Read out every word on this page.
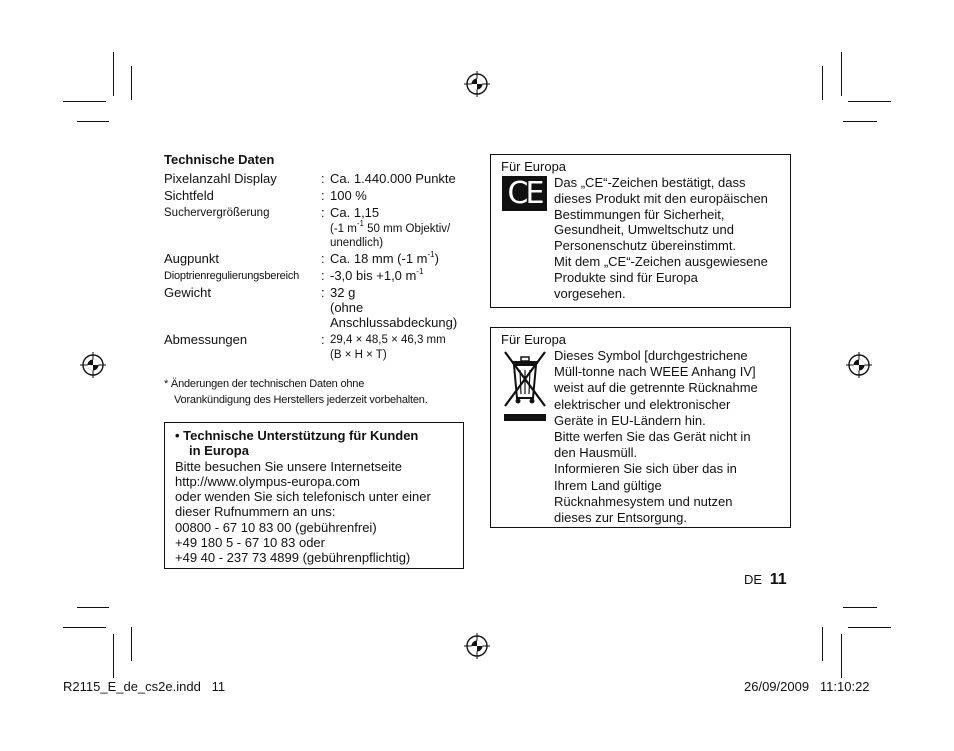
Technische Daten
Pixelanzahl Display	: Ca. 1.440.000 Punkte
Sichtfeld	: 100 %
Suchervergrößerung	: Ca. 1,15
(-1 $m^{-1}$ 50 mm Objektiv/
unendlich)
Augpunkt	: Ca. 18 mm (-1 $m^{-1}$)
Dioptrienregulierungsbereich : -3,0 bis +1,0 $m^{-1}$
Gewicht	: 32 g
(ohne
Anschlussabdeckung)
Abmessungen	: 29,4 × 48,5 × 46,3 mm
(B × H × T)
* Änderungen der technischen Daten ohne
Vorankündigung des Herstellers jederzeit vorbehalten.
• Technische Unterstützung für Kunden
in Europa
Bitte besuchen Sie unsere Internetseite
http://www.olympus-europa.com
oder wenden Sie sich telefonisch unter einer
dieser Rufnummern an uns:
00800 - 67 10 83 00 (gebührenfrei)
+49 180 5 - 67 10 83 oder
+49 40 - 237 73 4899 (gebührenpflichtig)
Für Europa
CE Das „CE“-Zeichen bestätigt, dass
dieses Produkt mit den europäischen
Bestimmungen für Sicherheit,
Gesundheit, Umweltschutz und
Personenschutz übereinstimmt.
Mit dem „CE“-Zeichen ausgewiesene
Produkte sind für Europa
vorgesehen.
Für Europa
Dieses Symbol [durchgestrichene
Müll-tonne nach WEEE Anhang IV]
weist auf die getrennte Rücknahme
elektrischer und elektronischer
Geräte in EU-Ländern hin.
Bitte werfen Sie das Gerät nicht in
den Hausmüll.
Informieren Sie sich über das in
Ihrem Land gültige
Rücknahmesystem und nutzen
dieses zur Entsorgung.
DE 11
R2115_E_de_cs2e.indd   11	26/09/2009   11:10:22
